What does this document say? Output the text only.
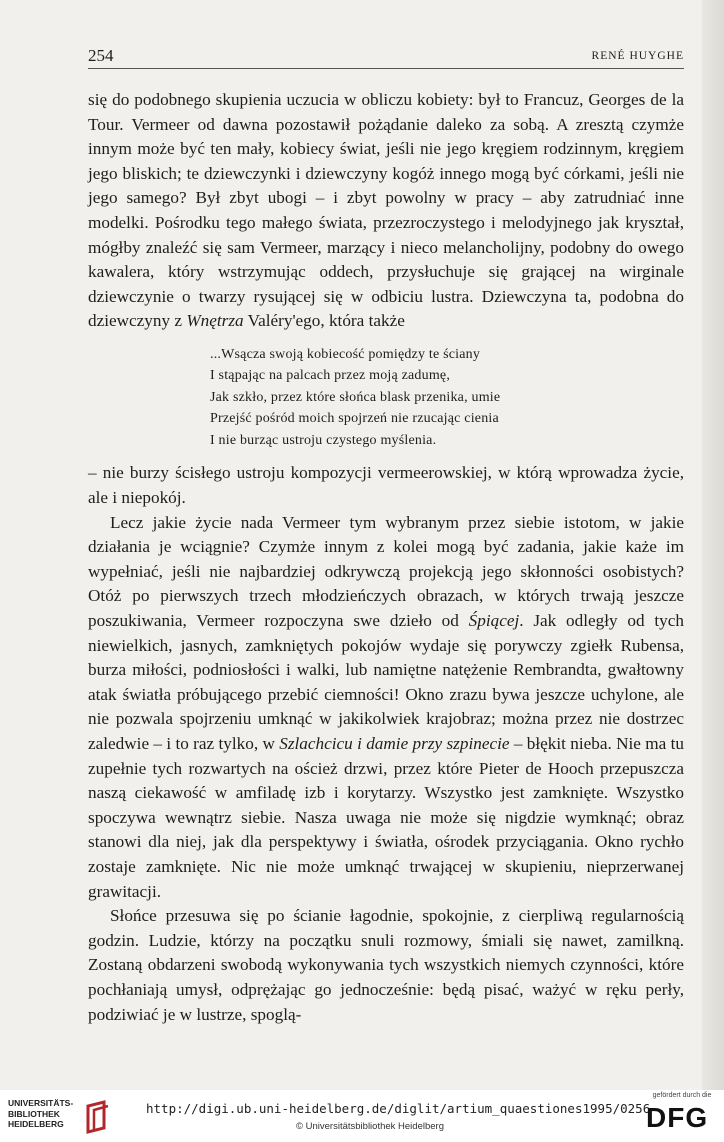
254	RENÉ HUYGHE

się do podobnego skupienia uczucia w obliczu kobiety: był to Francuz, Georges de la Tour. Vermeer od dawna pozostawił pożądanie daleko za sobą. A zresztą czymże innym może być ten mały, kobiecy świat, jeśli nie jego kręgiem rodzinnym, kręgiem jego bliskich; te dziewczynki i dziewczyny kogóż innego mogą być córkami, jeśli nie jego samego? Był zbyt ubogi – i zbyt powolny w pracy – aby zatrudniać inne modelki. Pośrodku tego małego świata, przezroczystego i melodyjnego jak kryształ, mógłby znaleźć się sam Vermeer, marzący i nieco melancholijny, podobny do owego kawalera, który wstrzymując oddech, przysłuchuje się grającej na wirginale dziewczynie o twarzy rysującej się w odbiciu lustra. Dziewczyna ta, podobna do dziewczyny z Wnętrza Valéry'ego, która także

...Wsącza swoją kobiecość pomiędzy te ściany
I stąpając na palcach przez moją zadumę,
Jak szkło, przez które słońca blask przenika, umie
Przejść pośród moich spojrzeń nie rzucając cienia
I nie burząc ustroju czystego myślenia.

– nie burzy ścisłego ustroju kompozycji vermeerowskiej, w którą wprowadza życie, ale i niepokój.

Lecz jakie życie nada Vermeer tym wybranym przez siebie istotom, w jakie działania je wciągnie? Czymże innym z kolei mogą być zadania, jakie każe im wypełniać, jeśli nie najbardziej odkrywczą projekcją jego skłonności osobistych? Otóż po pierwszych trzech młodzieńczych obrazach, w których trwają jeszcze poszukiwania, Vermeer rozpoczyna swe dzieło od Śpiącej. Jak odległy od tych niewielkich, jasnych, zamkniętych pokojów wydaje się porywczy zgiełk Rubensa, burza miłości, podniosłości i walki, lub namiętne natężenie Rembrandta, gwałtowny atak światła próbującego przebić ciemności! Okno zrazu bywa jeszcze uchylone, ale nie pozwala spojrzeniu umknąć w jakikolwiek krajobraz; można przez nie dostrzec zaledwie – i to raz tylko, w Szlachcicu i damie przy szpinecie – błękit nieba. Nie ma tu zupełnie tych rozwartych na oścież drzwi, przez które Pieter de Hooch przepuszcza naszą ciekawość w amfiladę izb i korytarzy. Wszystko jest zamknięte. Wszystko spoczywa wewnątrz siebie. Nasza uwaga nie może się nigdzie wymknąć; obraz stanowi dla niej, jak dla perspektywy i światła, ośrodek przyciągania. Okno rychło zostaje zamknięte. Nic nie może umknąć trwającej w skupieniu, nieprzerwanej grawitacji.

Słońce przesuwa się po ścianie łagodnie, spokojnie, z cierpliwą regularnością godzin. Ludzie, którzy na początku snuli rozmowy, śmiali się nawet, zamilkną. Zostaną obdarzeni swobodą wykonywania tych wszystkich niemych czynności, które pochłaniają umysł, odprężając go jednocześnie: będą pisać, ważyć w ręku perły, podziwiać je w lustrze, spoglą-

UNIVERSITÄTS-
BIBLIOTHEK
HEIDELBERG
http://digi.ub.uni-heidelberg.de/diglit/artium_quaestiones1995/0256
© Universitätsbibliothek Heidelberg
gefördert durch die
DFG
